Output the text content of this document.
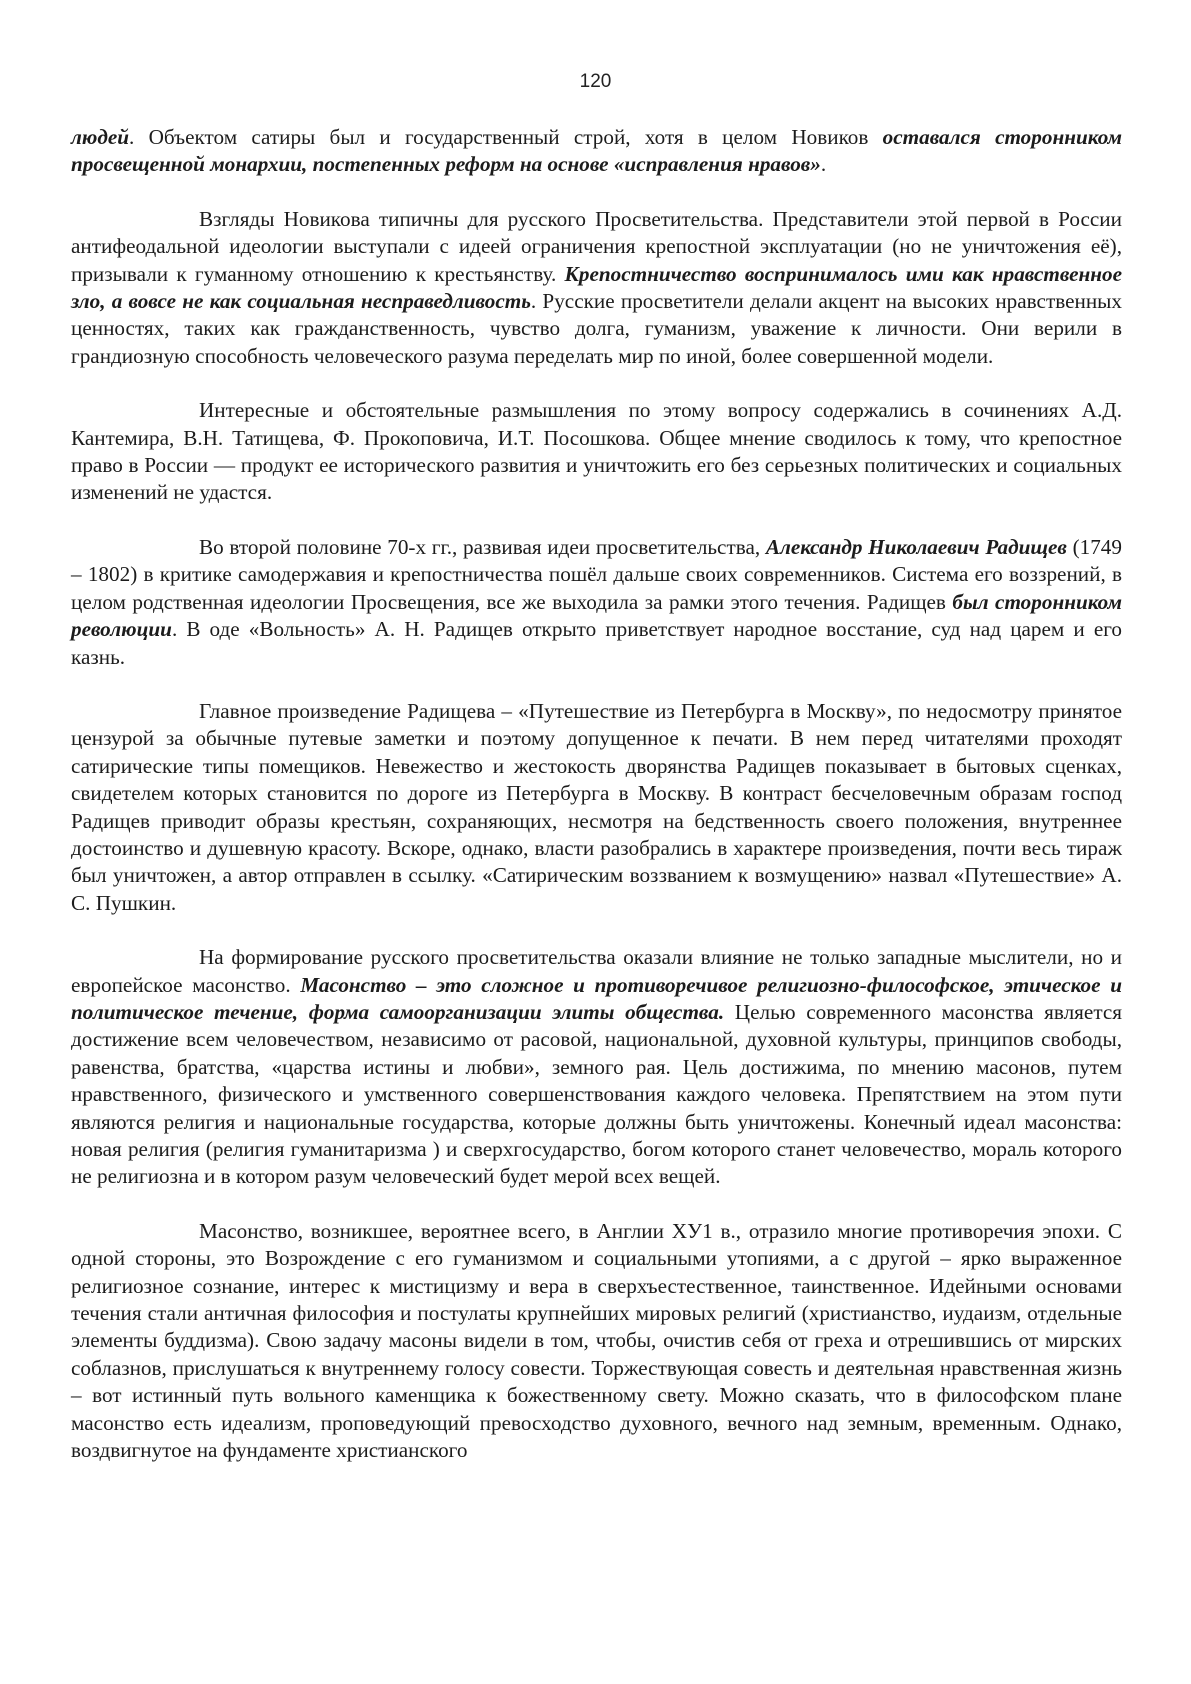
120

людей. Объектом сатиры был и государственный строй, хотя в целом Новиков оставался сторонником просвещенной монархии, постепенных реформ на основе «исправления нравов».

Взгляды Новикова типичны для русского Просветительства. Представители этой первой в России антифеодальной идеологии выступали с идеей ограничения крепостной эксплуатации (но не уничтожения её), призывали к гуманному отношению к крестьянству. Крепостничество воспринималось ими как нравственное зло, а вовсе не как социальная несправедливость. Русские просветители делали акцент на высоких нравственных ценностях, таких как гражданственность, чувство долга, гуманизм, уважение к личности. Они верили в грандиозную способность человеческого разума переделать мир по иной, более совершенной модели.

Интересные и обстоятельные размышления по этому вопросу содержались в сочинениях А.Д. Кантемира, В.Н. Татищева, Ф. Прокоповича, И.Т. Посошкова. Общее мнение сводилось к тому, что крепостное право в России — продукт ее исторического развития и уничтожить его без серьезных политических и социальных изменений не удастся.

Во второй половине 70-х гг., развивая идеи просветительства, Александр Николаевич Радищев (1749 – 1802) в критике самодержавия и крепостничества пошёл дальше своих современников. Система его воззрений, в целом родственная идеологии Просвещения, все же выходила за рамки этого течения. Радищев был сторонником революции. В оде «Вольность» А. Н. Радищев открыто приветствует народное восстание, суд над царем и его казнь.

Главное произведение Радищева – «Путешествие из Петербурга в Москву», по недосмотру принятое цензурой за обычные путевые заметки и поэтому допущенное к печати. В нем перед читателями проходят сатирические типы помещиков. Невежество и жестокость дворянства Радищев показывает в бытовых сценках, свидетелем которых становится по дороге из Петербурга в Москву. В контраст бесчеловечным образам господ Радищев приводит образы крестьян, сохраняющих, несмотря на бедственность своего положения, внутреннее достоинство и душевную красоту. Вскоре, однако, власти разобрались в характере произведения, почти весь тираж был уничтожен, а автор отправлен в ссылку. «Сатирическим воззванием к возмущению» назвал «Путешествие» А. С. Пушкин.

На формирование русского просветительства оказали влияние не только западные мыслители, но и европейское масонство. Масонство – это сложное и противоречивое религиозно-философское, этическое и политическое течение, форма самоорганизации элиты общества. Целью современного масонства является достижение всем человечеством, независимо от расовой, национальной, духовной культуры, принципов свободы, равенства, братства, «царства истины и любви», земного рая. Цель достижима, по мнению масонов, путем нравственного, физического и умственного совершенствования каждого человека. Препятствием на этом пути являются религия и национальные государства, которые должны быть уничтожены. Конечный идеал масонства: новая религия (религия гуманитаризма ) и сверхгосударство, богом которого станет человечество, мораль которого не религиозна и в котором разум человеческий будет мерой всех вещей.

Масонство, возникшее, вероятнее всего, в Англии ХУ1 в., отразило многие противоречия эпохи. С одной стороны, это Возрождение с его гуманизмом и социальными утопиями, а с другой – ярко выраженное религиозное сознание, интерес к мистицизму и вера в сверхъестественное, таинственное. Идейными основами течения стали античная философия и постулаты крупнейших мировых религий (христианство, иудаизм, отдельные элементы буддизма). Свою задачу масоны видели в том, чтобы, очистив себя от греха и отрешившись от мирских соблазнов, прислушаться к внутреннему голосу совести. Торжествующая совесть и деятельная нравственная жизнь – вот истинный путь вольного каменщика к божественному свету. Можно сказать, что в философском плане масонство есть идеализм, проповедующий превосходство духовного, вечного над земным, временным. Однако, воздвигнутое на фундаменте христианского
